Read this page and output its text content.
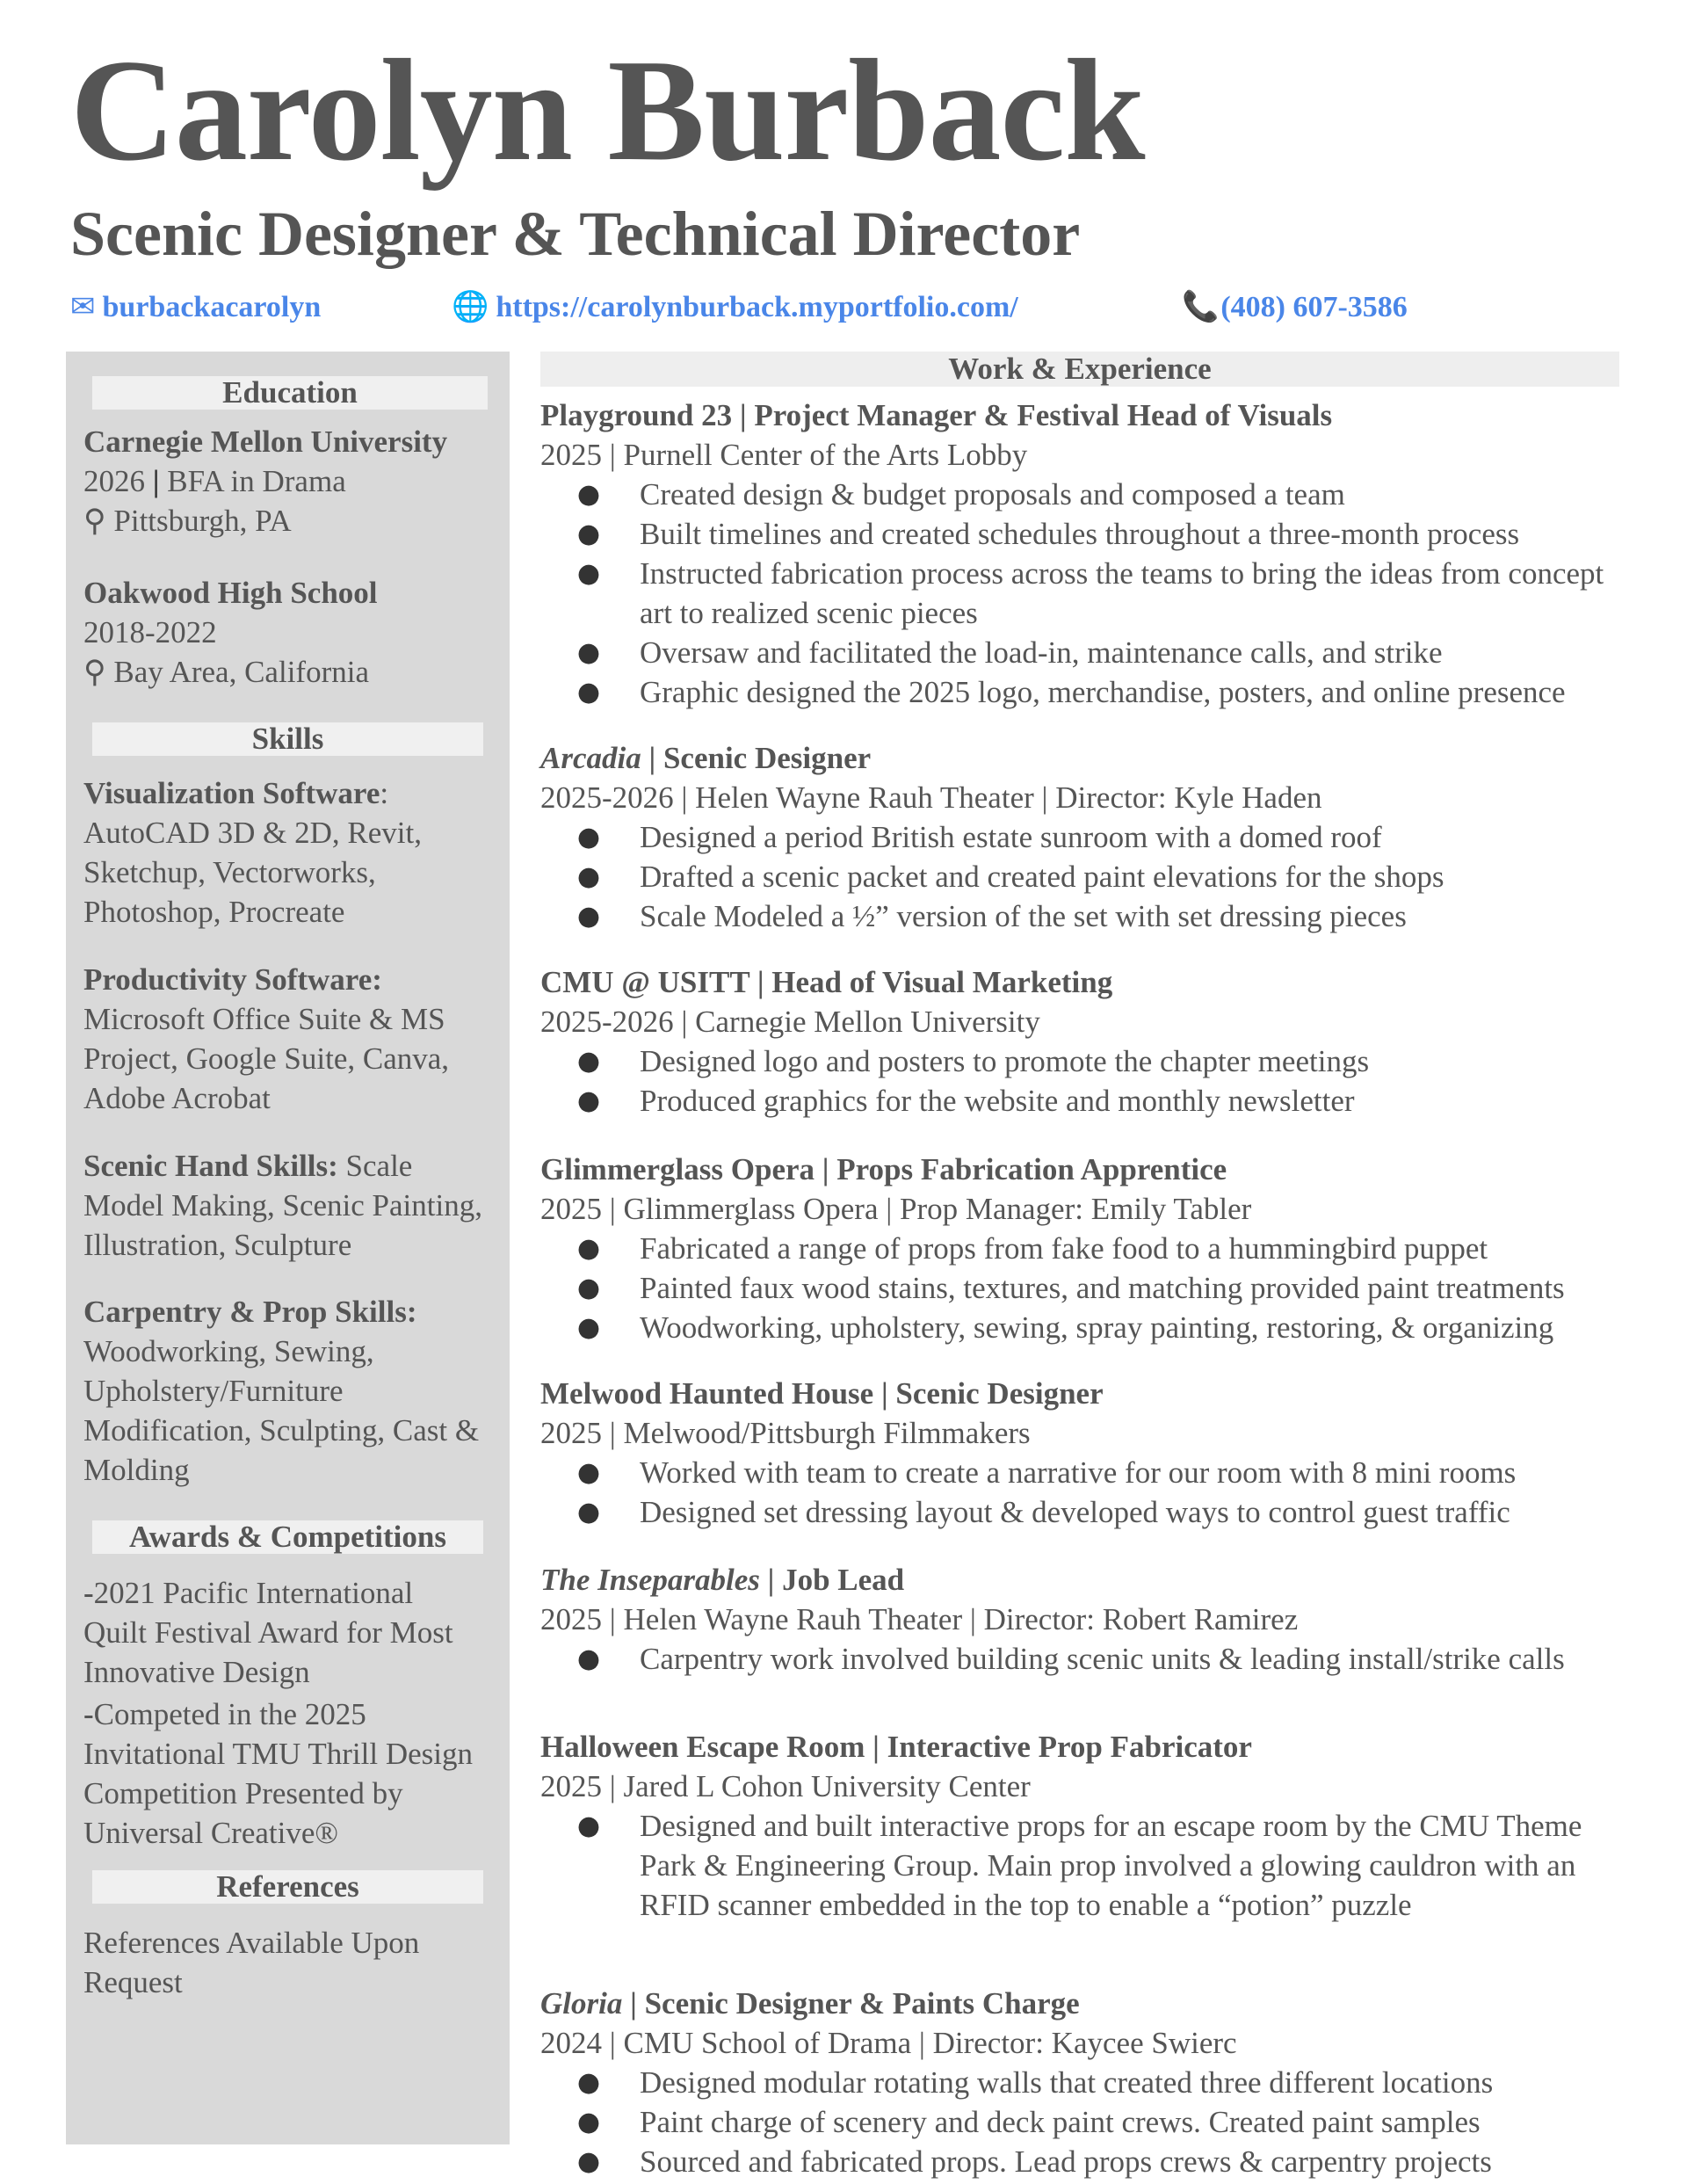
Carolyn Burback
Scenic Designer & Technical Director
✉ burbackacarolyn	🌐 https://carolynburback.myportfolio.com/	📞(408) 607-3586
Education
Carnegie Mellon University
2026 | BFA in Drama
⚲ Pittsburgh, PA
Oakwood High School
2018-2022
⚲ Bay Area, California
Skills
Visualization Software:
AutoCAD 3D & 2D, Revit,
Sketchup, Vectorworks,
Photoshop, Procreate
Productivity Software:
Microsoft Office Suite & MS
Project, Google Suite, Canva,
Adobe Acrobat
Scenic Hand Skills: Scale
Model Making, Scenic Painting,
Illustration, Sculpture
Carpentry & Prop Skills:
Woodworking, Sewing,
Upholstery/Furniture
Modification, Sculpting, Cast &
Molding
Awards & Competitions
-2021 Pacific International
Quilt Festival Award for Most
Innovative Design
-Competed in the 2025
Invitational TMU Thrill Design
Competition Presented by
Universal Creative®
References
References Available Upon
Request
Work & Experience
Playground 23 | Project Manager & Festival Head of Visuals
2025 | Purnell Center of the Arts Lobby
● Created design & budget proposals and composed a team
● Built timelines and created schedules throughout a three-month process
● Instructed fabrication process across the teams to bring the ideas from concept art to realized scenic pieces
● Oversaw and facilitated the load-in, maintenance calls, and strike
● Graphic designed the 2025 logo, merchandise, posters, and online presence
Arcadia | Scenic Designer
2025-2026 | Helen Wayne Rauh Theater | Director: Kyle Haden
● Designed a period British estate sunroom with a domed roof
● Drafted a scenic packet and created paint elevations for the shops
● Scale Modeled a ½” version of the set with set dressing pieces
CMU @ USITT | Head of Visual Marketing
2025-2026 | Carnegie Mellon University
● Designed logo and posters to promote the chapter meetings
● Produced graphics for the website and monthly newsletter
Glimmerglass Opera | Props Fabrication Apprentice
2025 | Glimmerglass Opera | Prop Manager: Emily Tabler
● Fabricated a range of props from fake food to a hummingbird puppet
● Painted faux wood stains, textures, and matching provided paint treatments
● Woodworking, upholstery, sewing, spray painting, restoring, & organizing
Melwood Haunted House | Scenic Designer
2025 | Melwood/Pittsburgh Filmmakers
● Worked with team to create a narrative for our room with 8 mini rooms
● Designed set dressing layout & developed ways to control guest traffic
The Inseparables | Job Lead
2025 | Helen Wayne Rauh Theater | Director: Robert Ramirez
● Carpentry work involved building scenic units & leading install/strike calls
Halloween Escape Room | Interactive Prop Fabricator
2025 | Jared L Cohon University Center
● Designed and built interactive props for an escape room by the CMU Theme Park & Engineering Group. Main prop involved a glowing cauldron with an RFID scanner embedded in the top to enable a “potion” puzzle
Gloria | Scenic Designer & Paints Charge
2024 | CMU School of Drama | Director: Kaycee Swierc
● Designed modular rotating walls that created three different locations
● Paint charge of scenery and deck paint crews. Created paint samples
● Sourced and fabricated props. Lead props crews & carpentry projects
